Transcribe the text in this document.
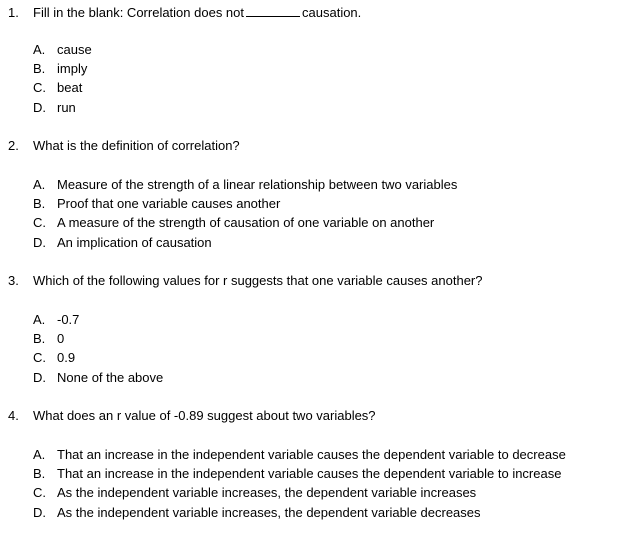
1. Fill in the blank: Correlation does not	causation.
A. cause
B. imply
C. beat
D. run
2. What is the definition of correlation?
A. Measure of the strength of a linear relationship between two variables
B. Proof that one variable causes another
C. A measure of the strength of causation of one variable on another
D. An implication of causation
3. Which of the following values for r suggests that one variable causes another?
A. -0.7
B. 0
C. 0.9
D. None of the above
4. What does an r value of -0.89 suggest about two variables?
A. That an increase in the independent variable causes the dependent variable to decrease
B. That an increase in the independent variable causes the dependent variable to increase
C. As the independent variable increases, the dependent variable increases
D. As the independent variable increases, the dependent variable decreases
